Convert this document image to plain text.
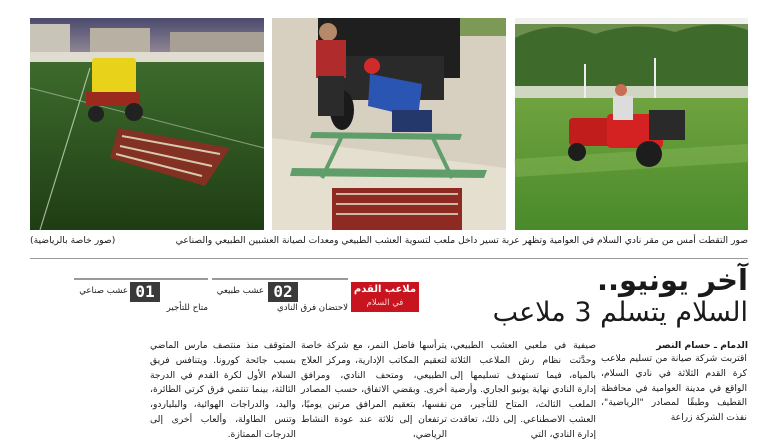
صور التقطت أمس من مقر نادي السلام في العوامية وتظهر عربة تسير داخل ملعب لتسوية العشب الطبيعي ومعدات لصيانة العشبين الطبيعي والصناعي
(صور خاصة بالرياضية)
آخر يونيو..
السلام يتسلم 3 ملاعب
ملاعب القدم
في السلام
02
عشب طبيعي
لاحتضان فرق النادي
01
عشب صناعي
متاح للتأجير
الدمام ـ حسام النصر
اقتربت شركة صيانة من تسليم ملاعب كرة القدم الثلاثة في نادي السلام، الواقع في مدينة العوامية في محافظة القطيف وطبقًا لمصادر "الرياضية"، نفذت الشركة زراعة
صيفية في ملعبي العشب الطبيعي، وحدَّثت نظام رش الملاعب الثلاثة بالمياه، فيما تستهدف تسليمها إلى إدارة النادي نهاية يونيو الجاري. وأرضية الملعب الثالث، المتاح للتأجير، من العشب الاصطناعي. إلى ذلك، تعاقدت إدارة النادي، التي
يترأسها فاضل النمر، مع شركة خاصة لتعقيم المكاتب الإدارية، ومركز العلاج الطبيعي، ومتحف النادي، ومرافق أخرى. وبقضي الاتفاق، حسب المصادر نفسها، بتعقيم المرافق مرتين يوميًا، ترتفعان إلى ثلاثة عند عودة النشاط الرياضي،
المتوقف منذ منتصف مارس الماضي بسبب جائحة كورونا. ويتنافس فريق السلام الأول لكرة القدم في الدرجة الثالثة، بينما تنتمي فرق كرتي الطائرة، واليد، والدراجات الهوائية، والبلياردو، وتنس الطاولة، وألعاب أخرى إلى الدرجات الممتازة.
